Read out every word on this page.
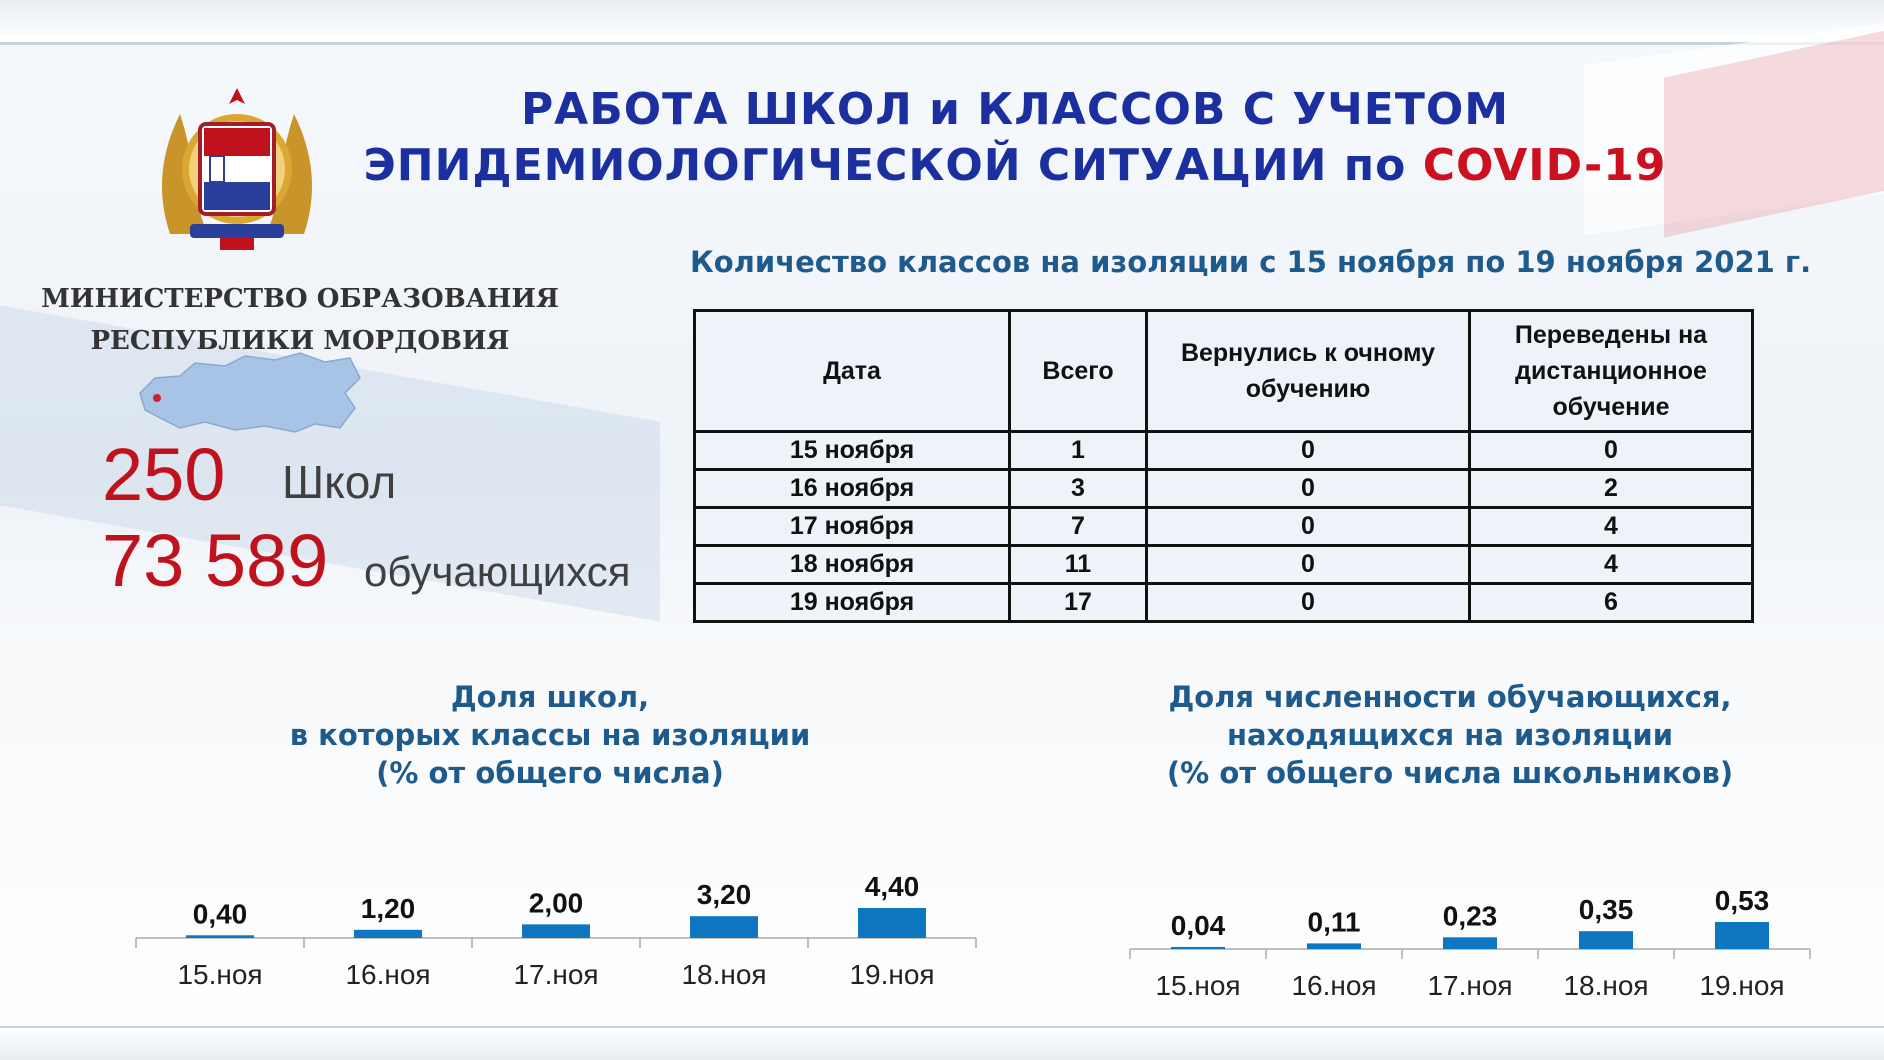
РАБОТА ШКОЛ и КЛАССОВ С УЧЕТОМ
ЭПИДЕМИОЛОГИЧЕСКОЙ СИТУАЦИИ по COVID-19
МИНИСТЕРСТВО ОБРАЗОВАНИЯ
РЕСПУБЛИКИ МОРДОВИЯ
250 Школ
73 589 обучающихся
Количество классов на изоляции с 15 ноября по 19 ноября 2021 г.
Дата	Всего	Вернулись к очному обучению	Переведены на дистанционное обучение
15 ноября	1	0	0
16 ноября	3	0	2
17 ноября	7	0	4
18 ноября	11	0	4
19 ноября	17	0	6
Доля школ,
в которых классы на изоляции
(% от общего числа)
Доля численности обучающихся,
находящихся на изоляции
(% от общего числа школьников)
0,40
15.ноя
1,20
16.ноя
2,00
17.ноя
3,20
18.ноя
4,40
19.ноя
0,04
15.ноя
0,11
16.ноя
0,23
17.ноя
0,35
18.ноя
0,53
19.ноя
